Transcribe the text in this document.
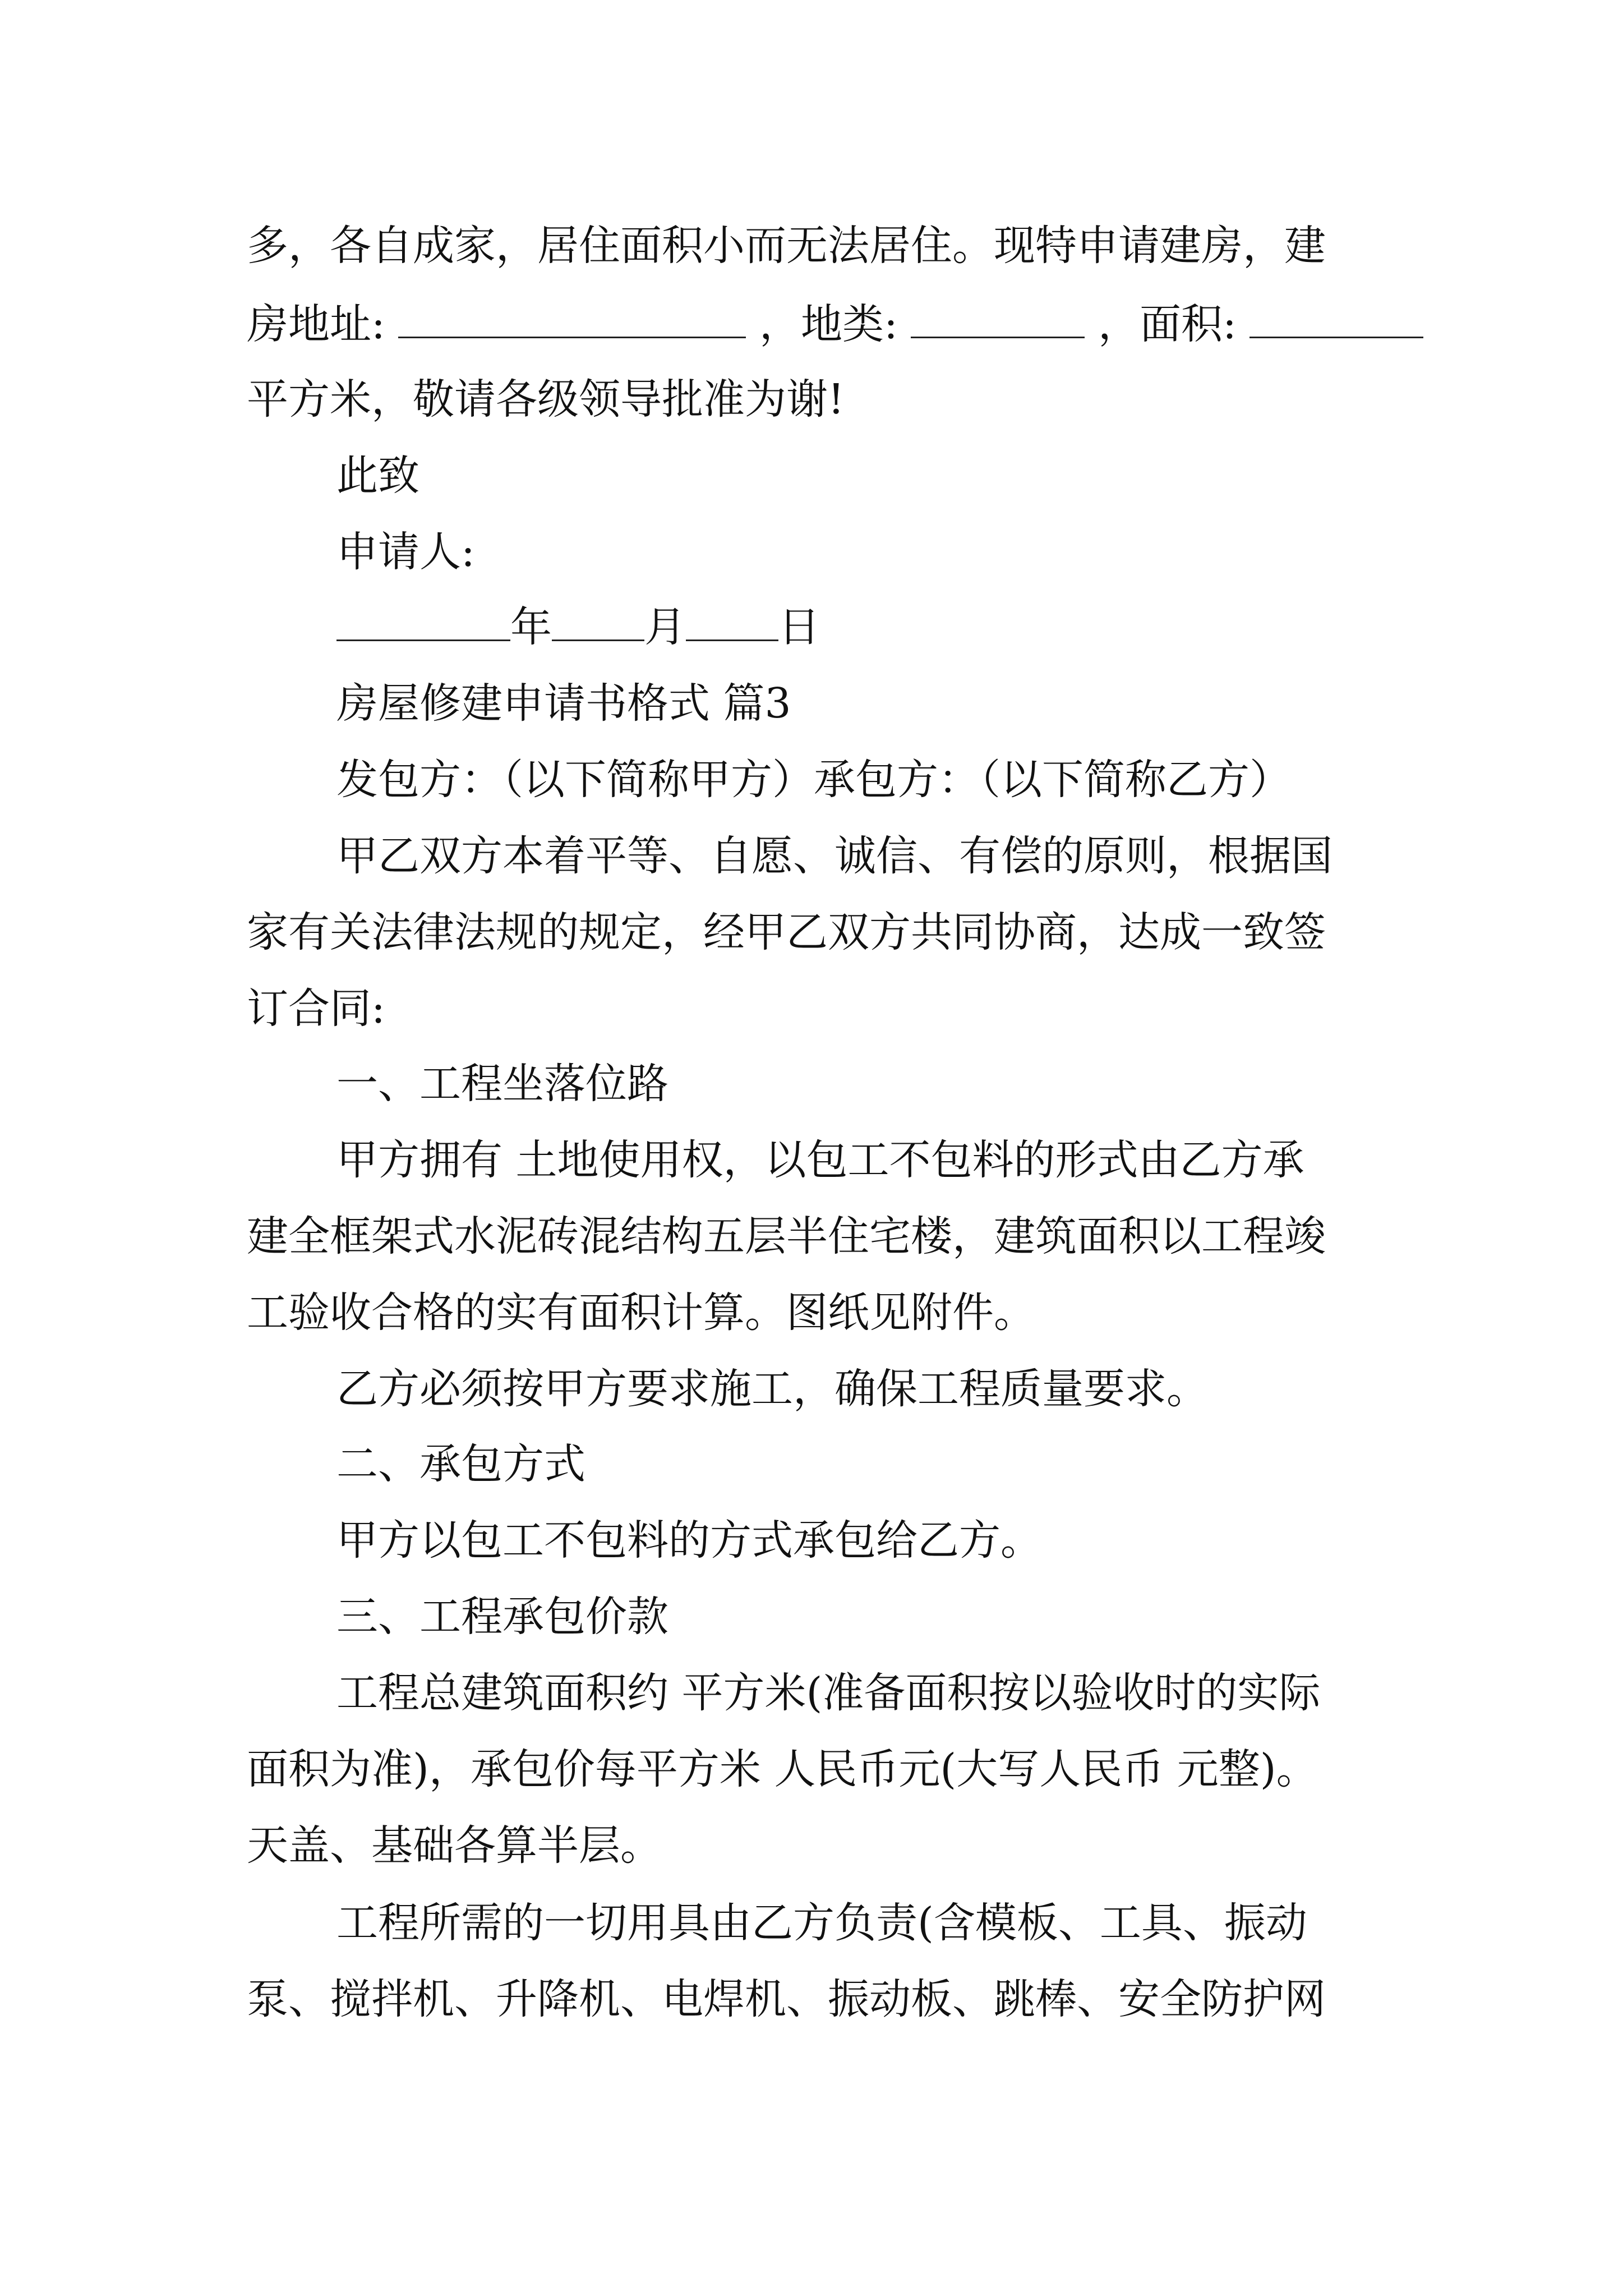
多，各自成家，居住面积小而无法居住。现特申请建房，建
房地址:	，地类:	，面积:
平方米，敬请各级领导批准为谢!
此致
申请人:
年 月 日
房屋修建申请书格式 篇3
发包方：（以下简称甲方）承包方：（以下简称乙方）
甲乙双方本着平等、自愿、诚信、有偿的原则，根据国
家有关法律法规的规定，经甲乙双方共同协商，达成一致签
订合同:
一、工程坐落位路
甲方拥有 土地使用权，以包工不包料的形式由乙方承
建全框架式水泥砖混结构五层半住宅楼，建筑面积以工程竣
工验收合格的实有面积计算。图纸见附件。
乙方必须按甲方要求施工，确保工程质量要求。
二、承包方式
甲方以包工不包料的方式承包给乙方。
三、工程承包价款
工程总建筑面积约 平方米(准备面积按以验收时的实际
面积为准)，承包价每平方米 人民币元(大写人民币 元整)。
天盖、基础各算半层。
工程所需的一切用具由乙方负责(含模板、工具、振动
泵、搅拌机、升降机、电焊机、振动板、跳棒、安全防护网
